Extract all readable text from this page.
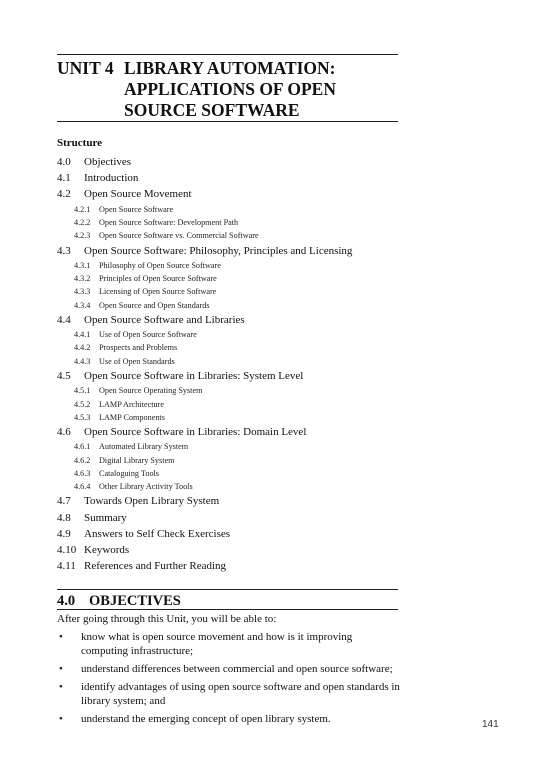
UNIT 4 LIBRARY AUTOMATION:
APPLICATIONS OF OPEN
SOURCE SOFTWARE
Structure
4.0	Objectives
4.1	Introduction
4.2	Open Source Movement
4.2.1	Open Source Software
4.2.2	Open Source Software: Development Path
4.2.3	Open Source Software vs. Commercial Software
4.3	Open Source Software: Philosophy, Principles and Licensing
4.3.1	Philosophy of Open Source Software
4.3.2	Principles of Open Source Software
4.3.3	Licensing of Open Source Software
4.3.4	Open Source and Open Standards
4.4	Open Source Software and Libraries
4.4.1	Use of Open Source Software
4.4.2	Prospects and Problems
4.4.3	Use of Open Standards
4.5	Open Source Software in Libraries: System Level
4.5.1	Open Source Operating System
4.5.2	LAMP Architecture
4.5.3	LAMP Components
4.6	Open Source Software in Libraries: Domain Level
4.6.1	Automated Library System
4.6.2	Digital Library System
4.6.3	Cataloguing Tools
4.6.4	Other Library Activity Tools
4.7	Towards Open Library System
4.8	Summary
4.9	Answers to Self Check Exercises
4.10 Keywords
4.11 References and Further Reading
4.0 OBJECTIVES
After going through this Unit, you will be able to:
•	know what is open source movement and how is it improving computing infrastructure;
•	understand differences between commercial and open source software;
•	identify advantages of using open source software and open standards in library system; and
•	understand the emerging concept of open library system.	141
